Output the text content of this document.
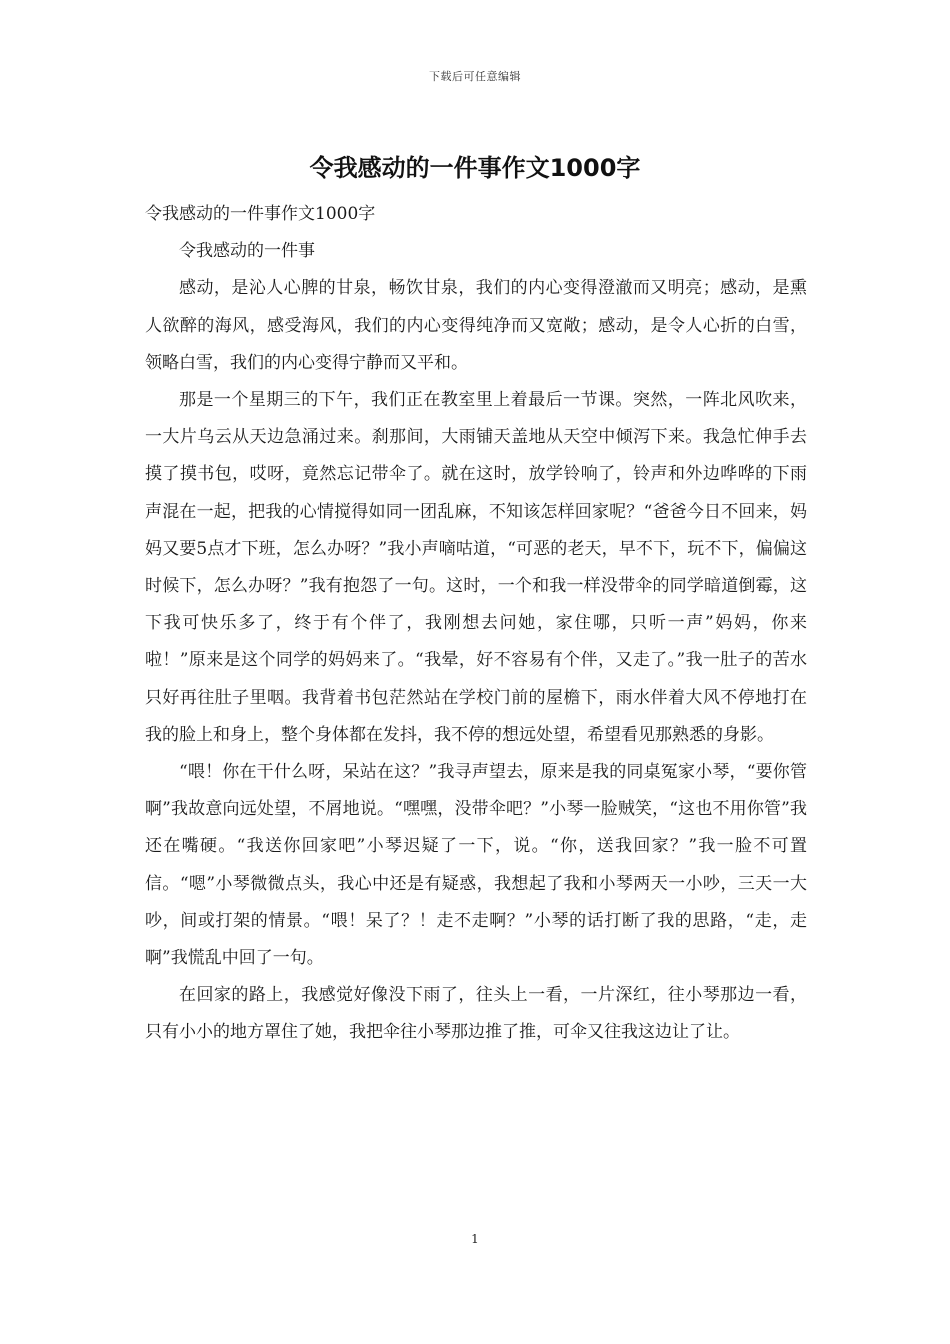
下载后可任意编辑
令我感动的一件事作文1000字

令我感动的一件事作文1000字

令我感动的一件事

感动，是沁人心脾的甘泉，畅饮甘泉，我们的内心变得澄澈而又明亮；感动，是熏人欲醉的海风，感受海风，我们的内心变得纯净而又宽敞；感动，是令人心折的白雪，领略白雪，我们的内心变得宁静而又平和。

那是一个星期三的下午，我们正在教室里上着最后一节课。突然，一阵北风吹来，一大片乌云从天边急涌过来。刹那间，大雨铺天盖地从天空中倾泻下来。我急忙伸手去摸了摸书包，哎呀，竟然忘记带伞了。就在这时，放学铃响了，铃声和外边哗哗的下雨声混在一起，把我的心情搅得如同一团乱麻，不知该怎样回家呢？“爸爸今日不回来，妈妈又要5点才下班，怎么办呀？”我小声嘀咕道，“可恶的老天，早不下，玩不下，偏偏这时候下，怎么办呀？”我有抱怨了一句。这时，一个和我一样没带伞的同学暗道倒霉，这下我可快乐多了，终于有个伴了，我刚想去问她，家住哪，只听一声”妈妈，你来啦！”原来是这个同学的妈妈来了。“我晕，好不容易有个伴，又走了。”我一肚子的苦水只好再往肚子里咽。我背着书包茫然站在学校门前的屋檐下，雨水伴着大风不停地打在我的脸上和身上，整个身体都在发抖，我不停的想远处望，希望看见那熟悉的身影。

“喂！你在干什么呀，呆站在这？”我寻声望去，原来是我的同桌冤家小琴，“要你管啊”我故意向远处望，不屑地说。“嘿嘿，没带伞吧？”小琴一脸贼笑，“这也不用你管”我还在嘴硬。“我送你回家吧”小琴迟疑了一下，说。“你，送我回家？”我一脸不可置信。“嗯”小琴微微点头，我心中还是有疑惑，我想起了我和小琴两天一小吵，三天一大吵，间或打架的情景。“喂！呆了？！走不走啊？”小琴的话打断了我的思路，“走，走啊”我慌乱中回了一句。

在回家的路上，我感觉好像没下雨了，往头上一看，一片深红，往小琴那边一看，只有小小的地方罩住了她，我把伞往小琴那边推了推，可伞又往我这边让了让。

1
